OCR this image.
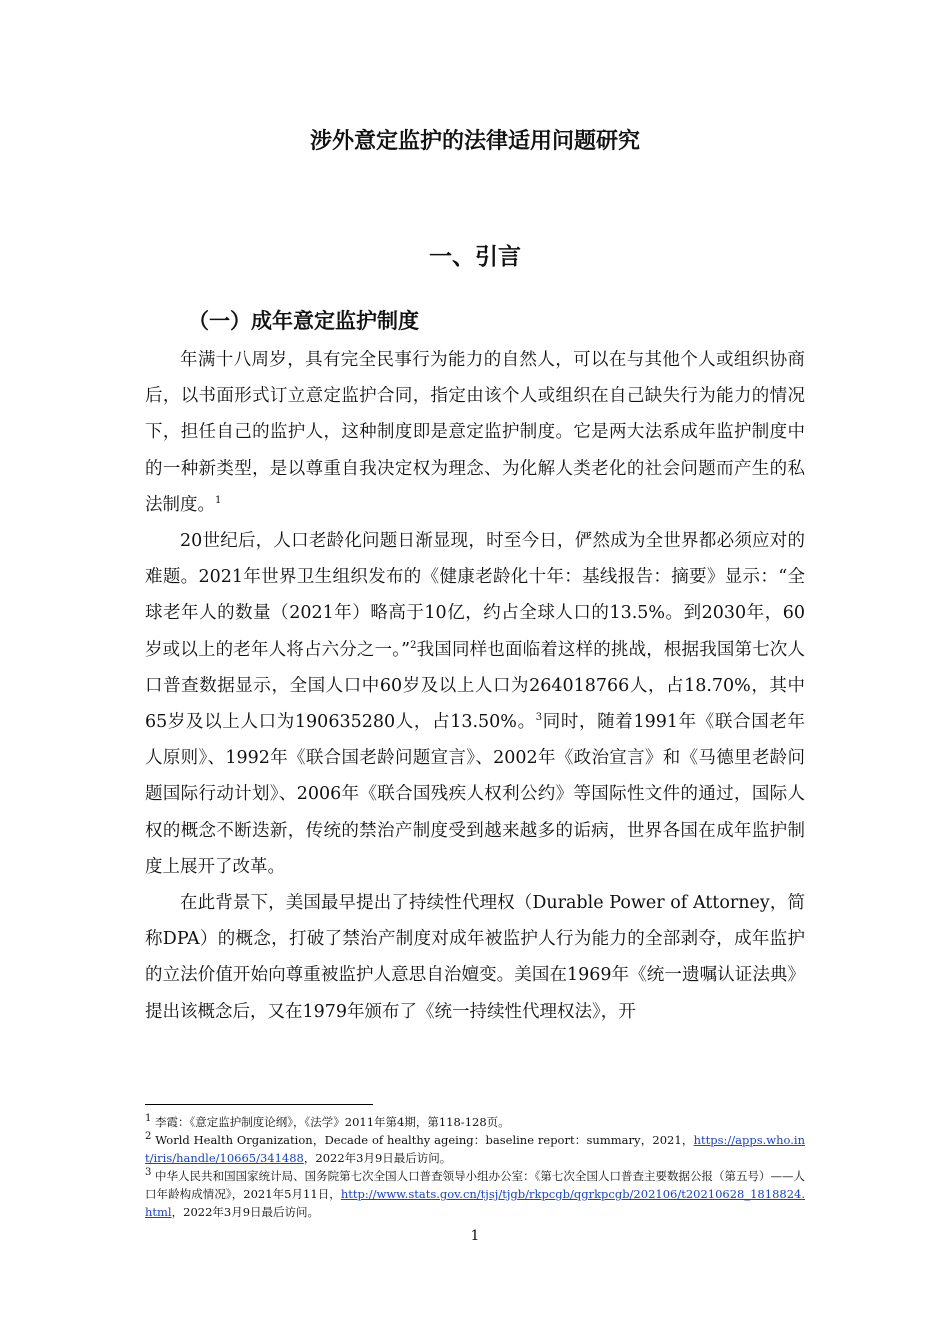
涉外意定监护的法律适用问题研究
一、引言
（一）成年意定监护制度

年满十八周岁，具有完全民事行为能力的自然人，可以在与其他个人或组织协商后，以书面形式订立意定监护合同，指定由该个人或组织在自己缺失行为能力的情况下，担任自己的监护人，这种制度即是意定监护制度。它是两大法系成年监护制度中的一种新类型，是以尊重自我决定权为理念、为化解人类老化的社会问题而产生的私法制度。$^1$

20世纪后，人口老龄化问题日渐显现，时至今日，俨然成为全世界都必须应对的难题。2021年世界卫生组织发布的《健康老龄化十年：基线报告：摘要》显示：“全球老年人的数量（2021年）略高于10亿，约占全球人口的13.5%。到2030年，60岁或以上的老年人将占六分之一。”$^2$我国同样也面临着这样的挑战，根据我国第七次人口普查数据显示，全国人口中60岁及以上人口为264018766人，占18.70%，其中65岁及以上人口为190635280人，占13.50%。$^3$同时，随着1991年《联合国老年人原则》、1992年《联合国老龄问题宣言》、2002年《政治宣言》和《马德里老龄问题国际行动计划》、2006年《联合国残疾人权利公约》等国际性文件的通过，国际人权的概念不断迭新，传统的禁治产制度受到越来越多的诟病，世界各国在成年监护制度上展开了改革。

在此背景下，美国最早提出了持续性代理权（Durable Power of Attorney，简称DPA）的概念，打破了禁治产制度对成年被监护人行为能力的全部剥夺，成年监护的立法价值开始向尊重被监护人意思自治嬗变。美国在1969年《统一遗嘱认证法典》提出该概念后，又在1979年颁布了《统一持续性代理权法》，开

$^1$ 李霞：《意定监护制度论纲》，《法学》2011年第4期，第118-128页。

$^2$ World Health Organization，Decade of healthy ageing：baseline report：summary，2021，https://apps.who.int/iris/handle/10665/341488，2022年3月9日最后访问。

$^3$ 中华人民共和国国家统计局、国务院第七次全国人口普查领导小组办公室：《第七次全国人口普查主要数据公报（第五号）——人口年龄构成情况》，2021年5月11日，http://www.stats.gov.cn/tjsj/tjgb/rkpcgb/qgrkpcgb/202106/t20210628_1818824.html，2022年3月9日最后访问。

1
